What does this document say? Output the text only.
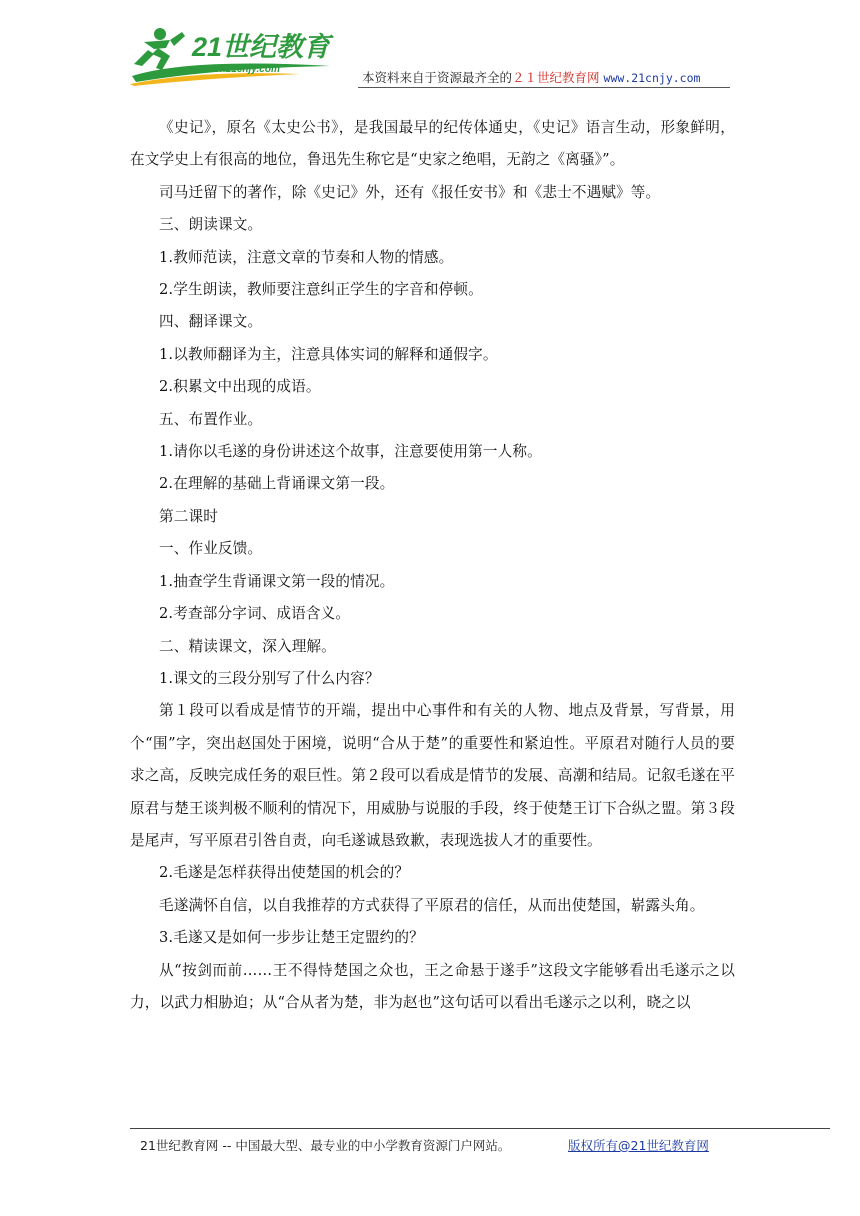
21世纪教育
www.21cnjy.com
本资料来自于资源最齐全的２１世纪教育网 www.21cnjy.com

《史记》，原名《太史公书》，是我国最早的纪传体通史，《史记》语言生动，形象鲜明，在文学史上有很高的地位，鲁迅先生称它是“史家之绝唱，无韵之《离骚》”。

司马迁留下的著作，除《史记》外，还有《报任安书》和《悲士不遇赋》等。

三、朗读课文。

1.教师范读，注意文章的节奏和人物的情感。

2.学生朗读，教师要注意纠正学生的字音和停顿。

四、翻译课文。

1.以教师翻译为主，注意具体实词的解释和通假字。

2.积累文中出现的成语。

五、布置作业。

1.请你以毛遂的身份讲述这个故事，注意要使用第一人称。

2.在理解的基础上背诵课文第一段。

第二课时

一、作业反馈。

1.抽查学生背诵课文第一段的情况。

2.考查部分字词、成语含义。

二、精读课文，深入理解。

1.课文的三段分别写了什么内容？

第１段可以看成是情节的开端，提出中心事件和有关的人物、地点及背景，写背景，用个“围”字，突出赵国处于困境，说明“合从于楚”的重要性和紧迫性。平原君对随行人员的要求之高，反映完成任务的艰巨性。第２段可以看成是情节的发展、高潮和结局。记叙毛遂在平原君与楚王谈判极不顺利的情况下，用威胁与说服的手段，终于使楚王订下合纵之盟。第３段是尾声，写平原君引咎自责，向毛遂诚恳致歉，表现选拔人才的重要性。

2.毛遂是怎样获得出使楚国的机会的？

毛遂满怀自信，以自我推荐的方式获得了平原君的信任，从而出使楚国，崭露头角。

3.毛遂又是如何一步步让楚王定盟约的？

从“按剑而前……王不得恃楚国之众也，王之命悬于遂手”这段文字能够看出毛遂示之以力，以武力相胁迫；从“合从者为楚，非为赵也”这句话可以看出毛遂示之以利，晓之以

21世纪教育网 -- 中国最大型、最专业的中小学教育资源门户网站。	版权所有@21世纪教育网
